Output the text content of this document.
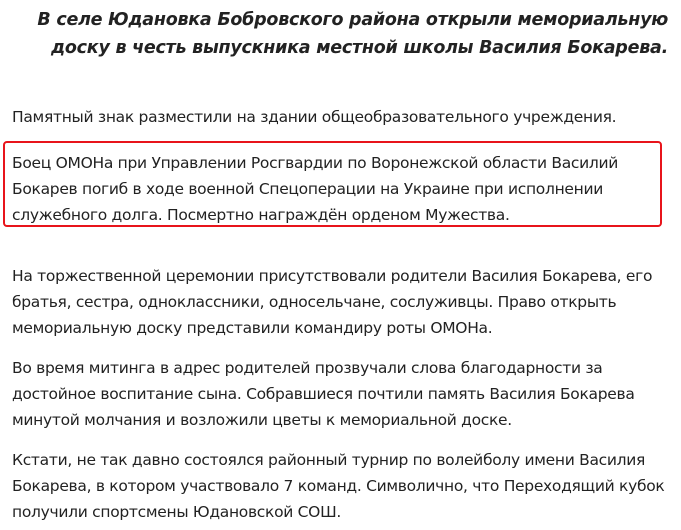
В селе Юдановка Бобровского района открыли мемориальную доску в честь выпускника местной школы Василия Бокарева.
Памятный знак разместили на здании общеобразовательного учреждения.
Боец ОМОНа при Управлении Росгвардии по Воронежской области Василий Бокарев погиб в ходе военной Спецоперации на Украине при исполнении служебного долга. Посмертно награждён орденом Мужества.
На торжественной церемонии присутствовали родители Василия Бокарева, его братья, сестра, одноклассники, односельчане, сослуживцы. Право открыть мемориальную доску представили командиру роты ОМОНа.
Во время митинга в адрес родителей прозвучали слова благодарности за достойное воспитание сына. Собравшиеся почтили память Василия Бокарева минутой молчания и возложили цветы к мемориальной доске.
Кстати, не так давно состоялся районный турнир по волейболу имени Василия Бокарева, в котором участвовало 7 команд. Символично, что Переходящий кубок получили спортсмены Юдановской СОШ.
